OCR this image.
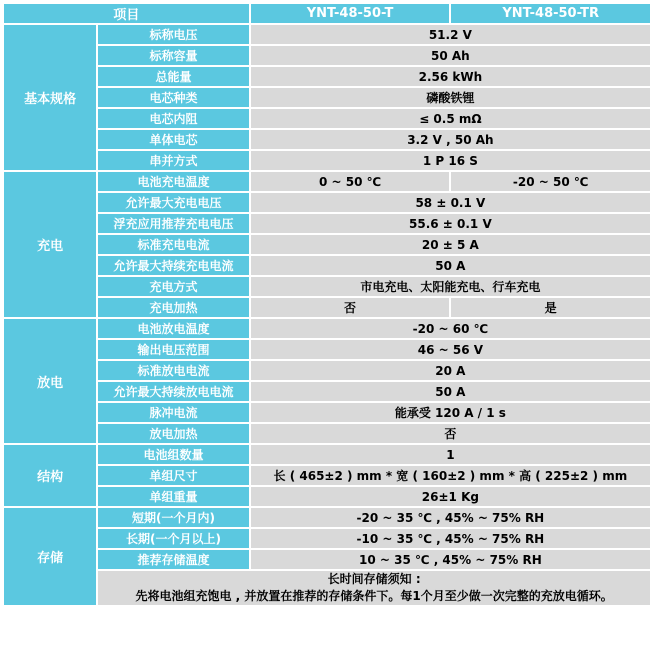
项目		YNT-48-50-T	YNT-48-50-TR
基本规格	标称电压	51.2 V	
	标称容量	50 Ah	
	总能量	2.56 kWh	
	电芯种类	磷酸铁锂	
	电芯内阻	≤ 0.5 mΩ	
	单体电芯	3.2 V , 50 Ah	
	串并方式	1 P 16 S	
充电	电池充电温度	0 ~ 50 ℃	-20 ~ 50 ℃
	允许最大充电电压	58 ± 0.1 V	
	浮充应用推荐充电电压	55.6 ± 0.1 V	
	标准充电电流	20 ± 5 A	
	允许最大持续充电电流	50 A	
	充电方式	市电充电、太阳能充电、行车充电	
	充电加热	否	是
放电	电池放电温度	-20 ~ 60 ℃	
	输出电压范围	46 ~ 56 V	
	标准放电电流	20 A	
	允许最大持续放电电流	50 A	
	脉冲电流	能承受 120 A / 1 s	
	放电加热	否	
结构	电池组数量	1	
	单组尺寸	长 ( 465±2 ) mm * 宽 ( 160±2 ) mm * 高 ( 225±2 ) mm	
	单组重量	26±1 Kg	
存储	短期(一个月内)	-20 ~ 35 ℃ , 45% ~ 75% RH	
	长期(一个月以上)	-10 ~ 35 ℃ , 45% ~ 75% RH	
	推荐存储温度	10 ~ 35 ℃ , 45% ~ 75% RH	

	长时间存储须知 :
先将电池组充饱电 , 并放置在推荐的存储条件下。每1个月至少做一次完整的充放电循环。		
